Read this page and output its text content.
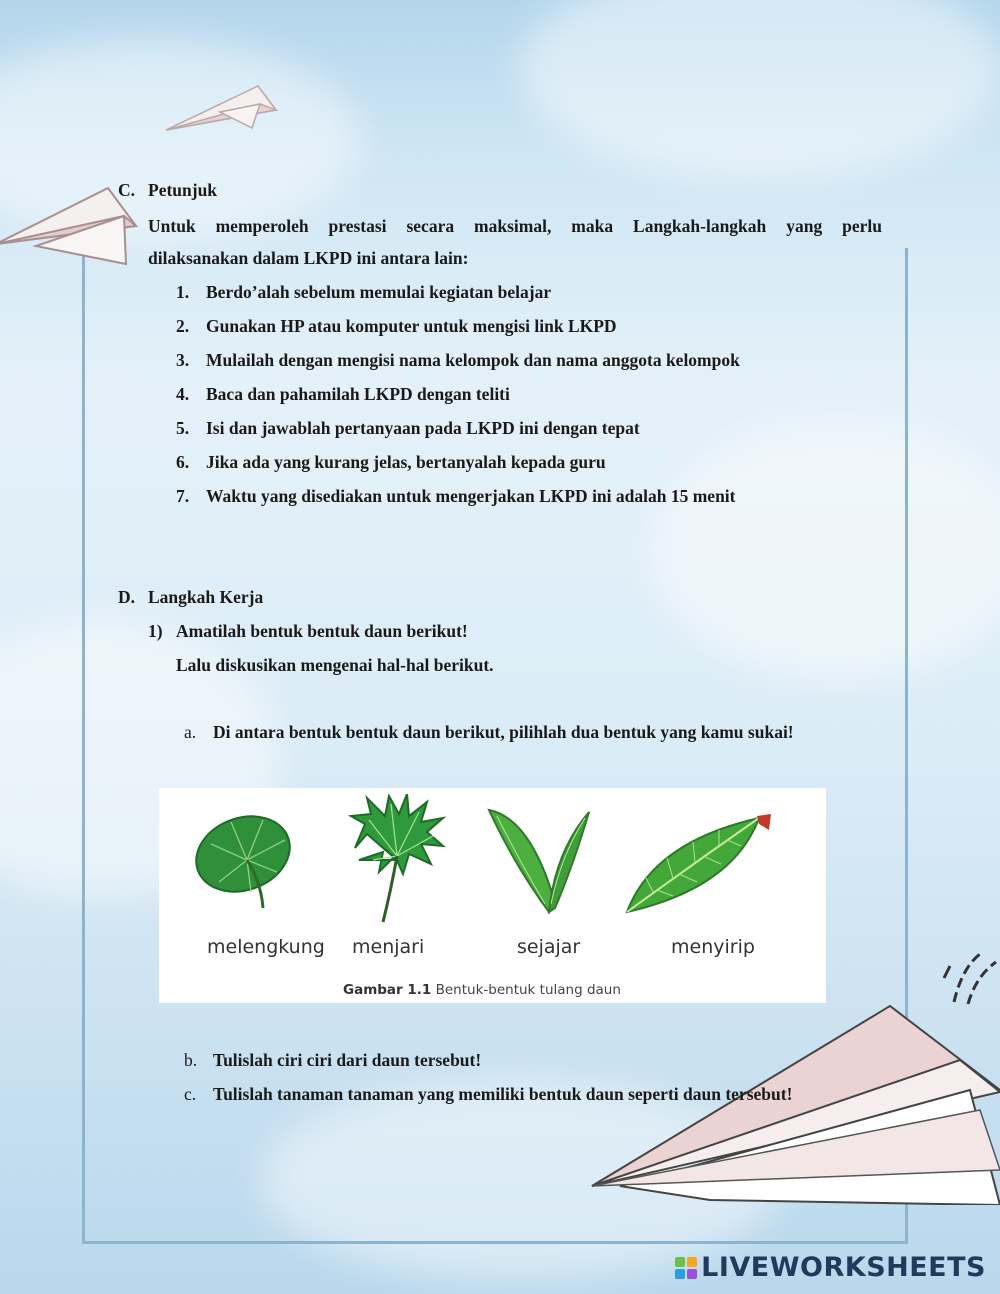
C. Petunjuk
Untuk memperoleh prestasi secara maksimal, maka Langkah-langkah yang perlu
dilaksanakan dalam LKPD ini antara lain:
1. Berdo’alah sebelum memulai kegiatan belajar
2. Gunakan HP atau komputer untuk mengisi link LKPD
3. Mulailah dengan mengisi nama kelompok dan nama anggota kelompok
4. Baca dan pahamilah LKPD dengan teliti
5. Isi dan jawablah pertanyaan pada LKPD ini dengan tepat
6. Jika ada yang kurang jelas, bertanyalah kepada guru
7. Waktu yang disediakan untuk mengerjakan LKPD ini adalah 15 menit
D. Langkah Kerja
1) Amatilah bentuk bentuk daun berikut!
Lalu diskusikan mengenai hal-hal berikut.
a. Di antara bentuk bentuk daun berikut, pilihlah dua bentuk yang kamu sukai!
melengkung menjari	sejajar	menyirip
Gambar 1.1 Bentuk-bentuk tulang daun
b. Tulislah ciri ciri dari daun tersebut!
c. Tulislah tanaman tanaman yang memiliki bentuk daun seperti daun tersebut!
LIVEWORKSHEETS
